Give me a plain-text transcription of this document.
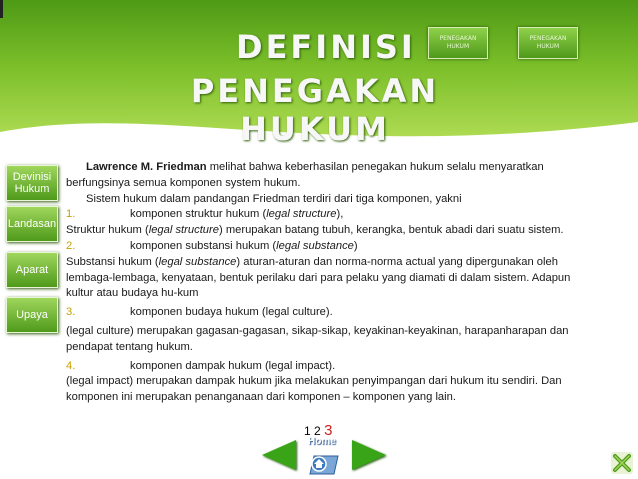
DEFINISI
PENEGAKAN HUKUM
PENEGAKAN HUKUM
PENEGAKAN HUKUM
Devinisi Hukum
Landasan
Aparat
Upaya

Lawrence M. Friedman melihat bahwa keberhasilan penegakan hukum selalu menyaratkan berfungsinya semua komponen system hukum.

Sistem hukum dalam pandangan Friedman terdiri dari tiga komponen, yakni

1.	komponen struktur hukum (legal structure),

Struktur hukum (legal structure) merupakan batang tubuh, kerangka, bentuk abadi dari suatu sistem.

2.	komponen substansi hukum (legal substance)

Substansi hukum (legal substance) aturan-aturan dan norma-norma actual yang dipergunakan oleh lembaga-lembaga, kenyataan, bentuk perilaku dari para pelaku yang diamati di dalam sistem. Adapun kultur atau budaya hu-kum

3.	komponen budaya hukum (legal culture).

(legal culture) merupakan gagasan-gagasan, sikap-sikap, keyakinan-keyakinan, harapanharapan dan pendapat tentang hukum.

4.	komponen dampak hukum (legal impact).

(legal impact) merupakan dampak hukum jika melakukan penyimpangan dari hukum itu sendiri. Dan komponen ini merupakan penanganaan dari komponen – komponen yang lain.

1 2 3
Home
